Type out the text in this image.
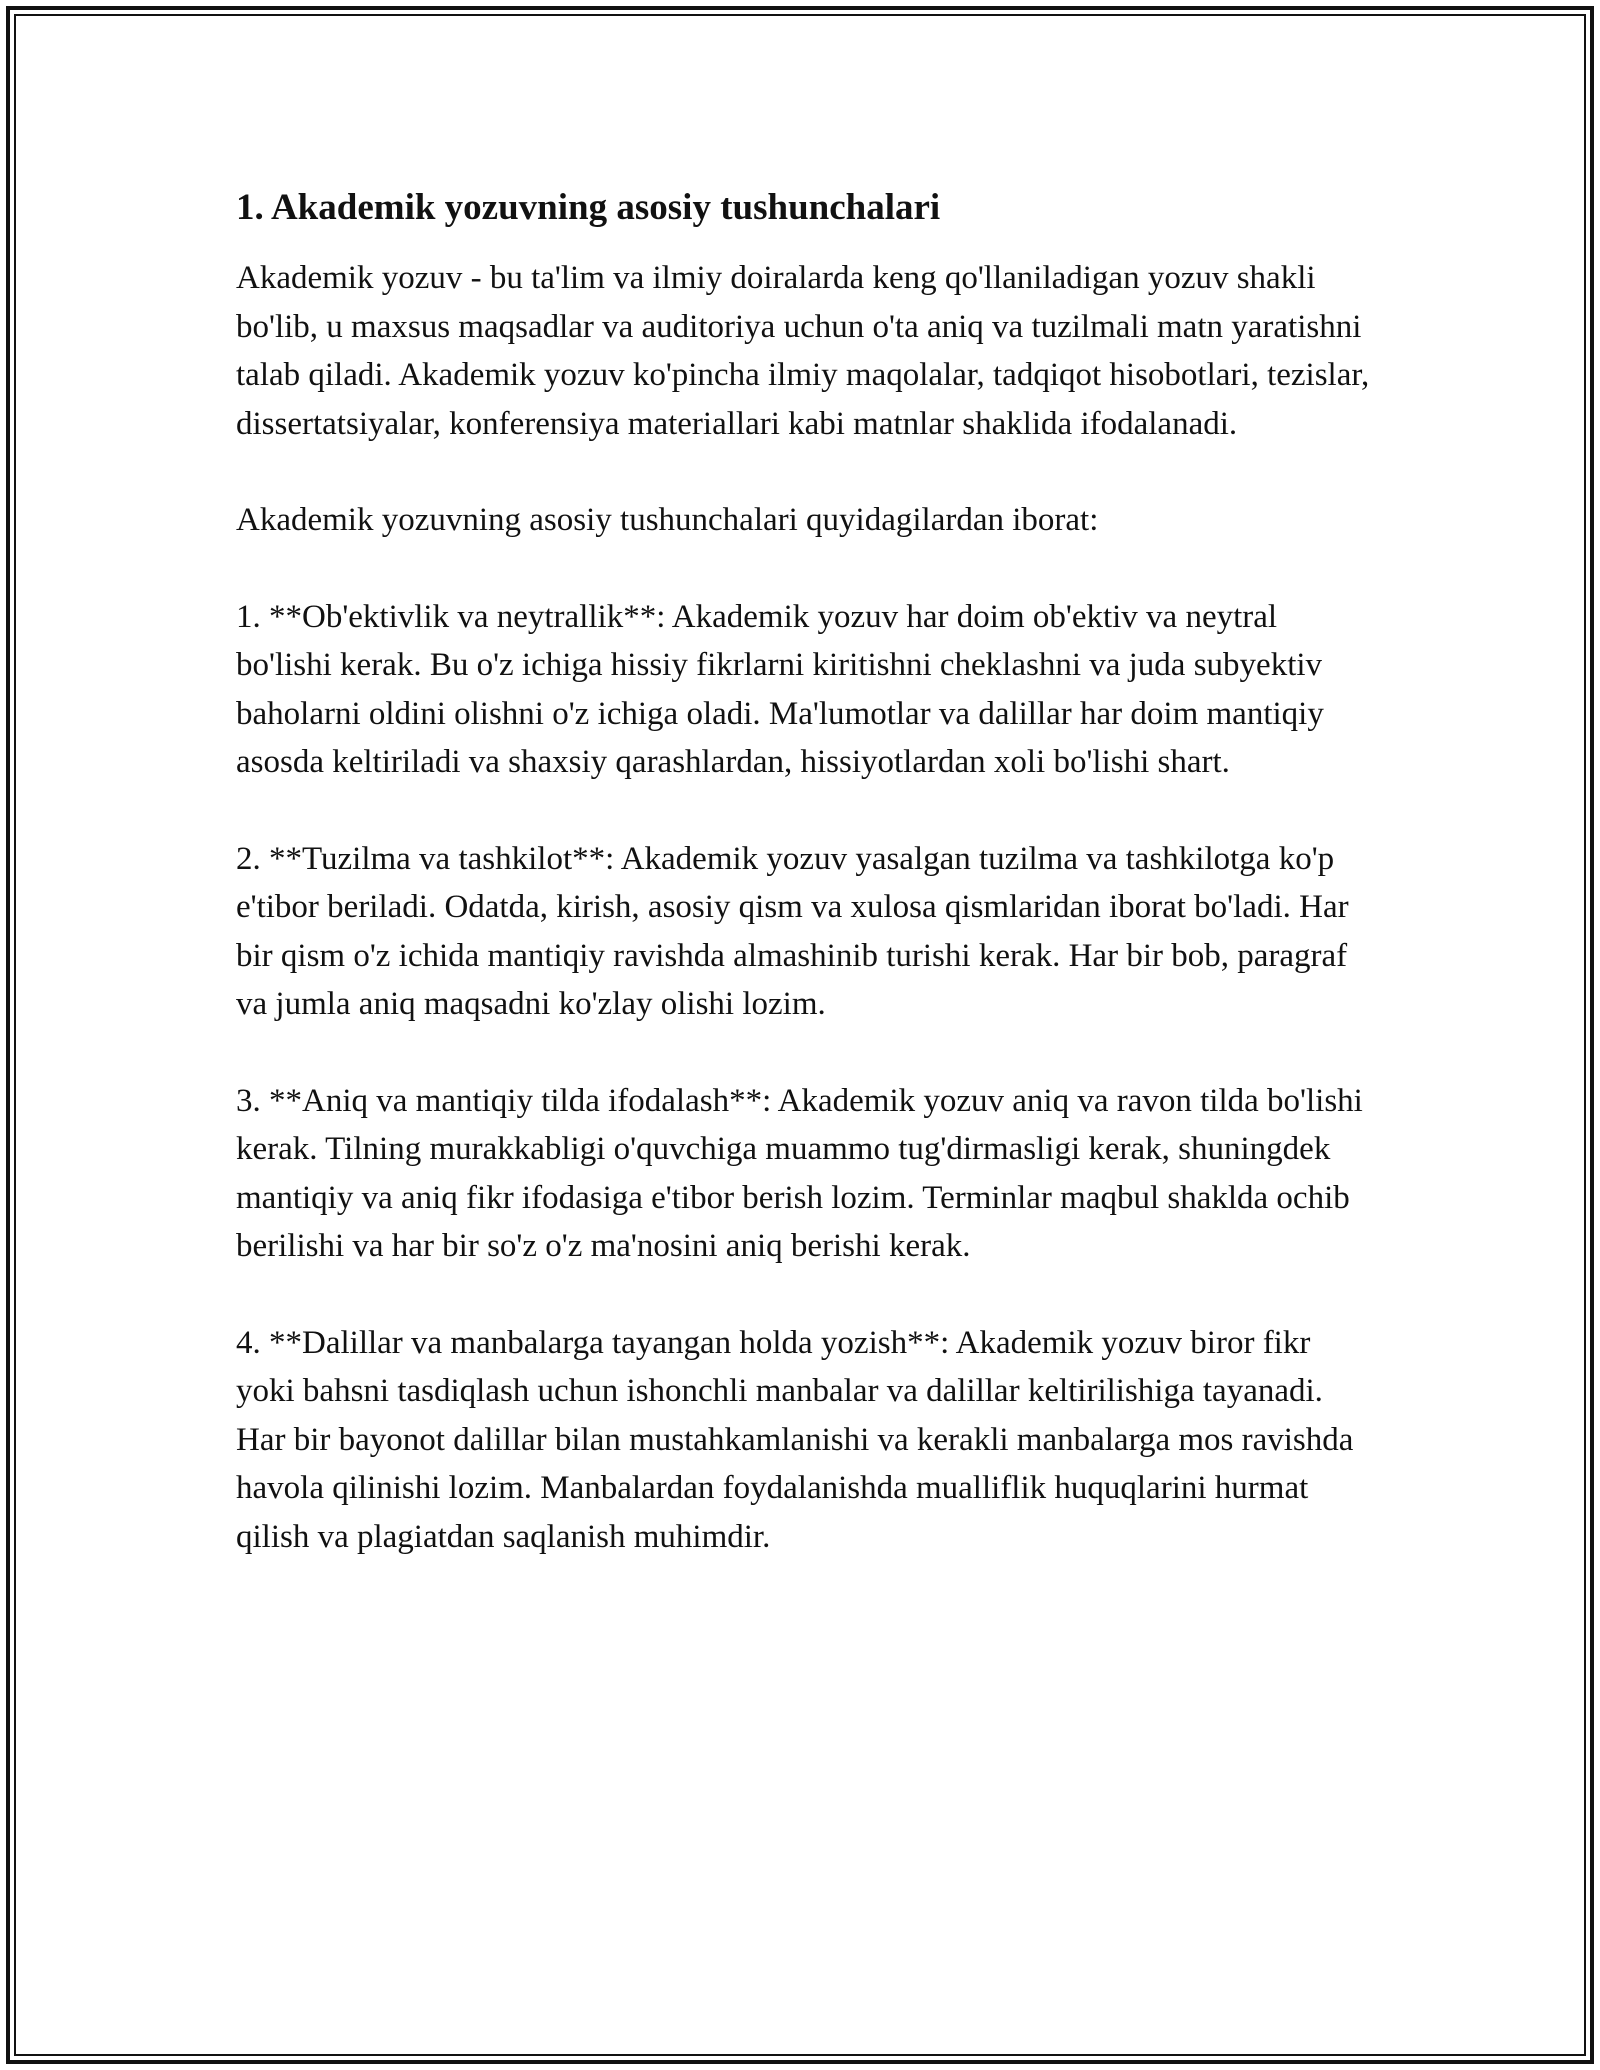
1. Akademik yozuvning asosiy tushunchalari

Akademik yozuv - bu ta'lim va ilmiy doiralarda keng qo'llaniladigan yozuv shakli bo'lib, u maxsus maqsadlar va auditoriya uchun o'ta aniq va tuzilmali matn yaratishni talab qiladi. Akademik yozuv ko'pincha ilmiy maqolalar, tadqiqot hisobotlari, tezislar, dissertatsiyalar, konferensiya materiallari kabi matnlar shaklida ifodalanadi.

Akademik yozuvning asosiy tushunchalari quyidagilardan iborat:

1. **Ob'ektivlik va neytrallik**: Akademik yozuv har doim ob'ektiv va neytral bo'lishi kerak. Bu o'z ichiga hissiy fikrlarni kiritishni cheklashni va juda subyektiv baholarni oldini olishni o'z ichiga oladi. Ma'lumotlar va dalillar har doim mantiqiy asosda keltiriladi va shaxsiy qarashlardan, hissiyotlardan xoli bo'lishi shart.

2. **Tuzilma va tashkilot**: Akademik yozuv yasalgan tuzilma va tashkilotga ko'p e'tibor beriladi. Odatda, kirish, asosiy qism va xulosa qismlaridan iborat bo'ladi. Har bir qism o'z ichida mantiqiy ravishda almashinib turishi kerak. Har bir bob, paragraf va jumla aniq maqsadni ko'zlay olishi lozim.

3. **Aniq va mantiqiy tilda ifodalash**: Akademik yozuv aniq va ravon tilda bo'lishi kerak. Tilning murakkabligi o'quvchiga muammo tug'dirmasligi kerak, shuningdek mantiqiy va aniq fikr ifodasiga e'tibor berish lozim. Terminlar maqbul shaklda ochib berilishi va har bir so'z o'z ma'nosini aniq berishi kerak.

4. **Dalillar va manbalarga tayangan holda yozish**: Akademik yozuv biror fikr yoki bahsni tasdiqlash uchun ishonchli manbalar va dalillar keltirilishiga tayanadi. Har bir bayonot dalillar bilan mustahkamlanishi va kerakli manbalarga mos ravishda havola qilinishi lozim. Manbalardan foydalanishda mualliflik huquqlarini hurmat qilish va plagiatdan saqlanish muhimdir.
